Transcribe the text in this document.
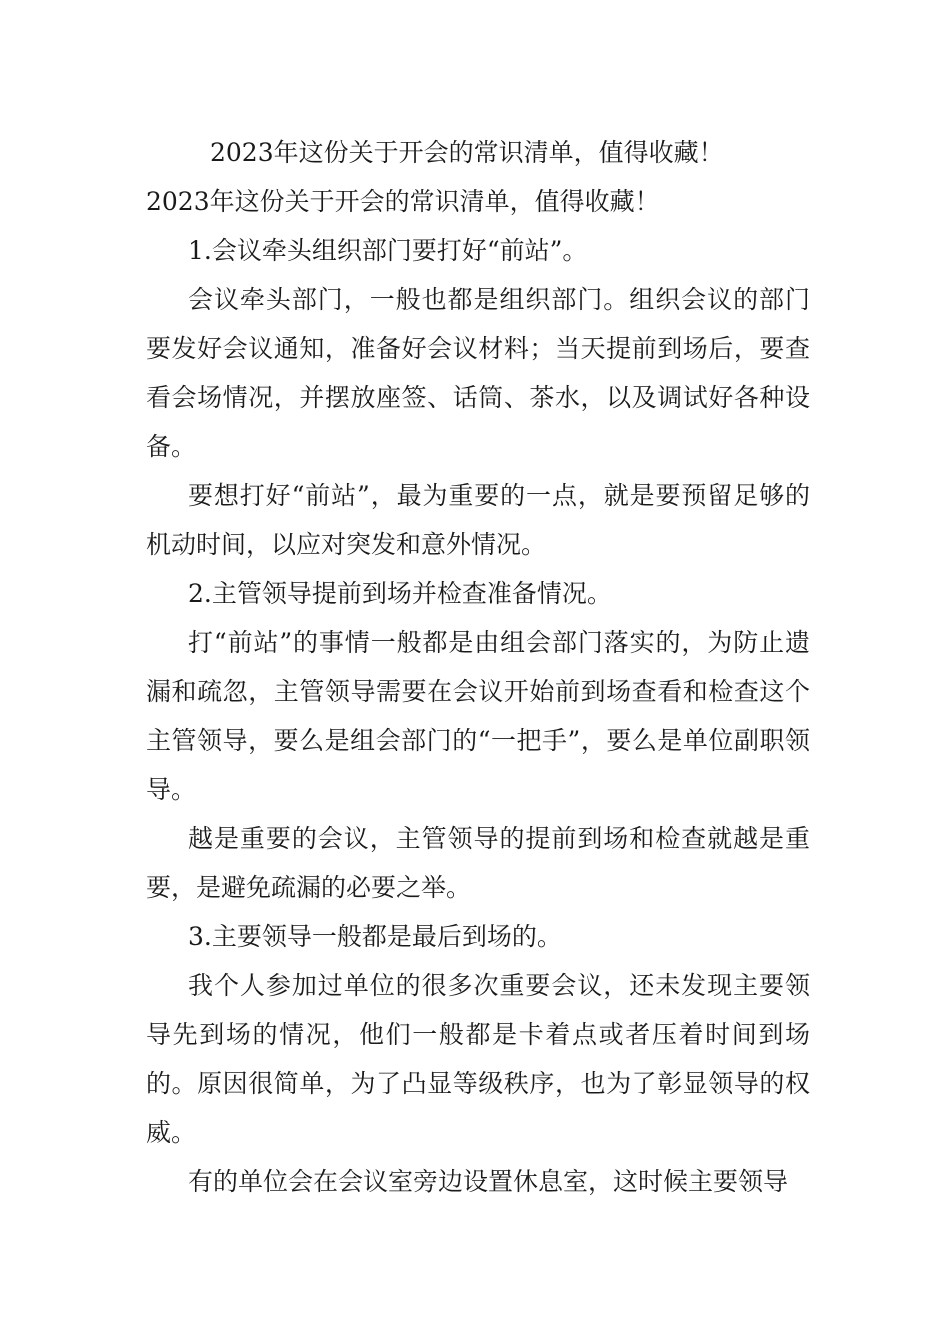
2023年这份关于开会的常识清单，值得收藏！

2023年这份关于开会的常识清单，值得收藏！

1.会议牵头组织部门要打好“前站”。

会议牵头部门，一般也都是组织部门。组织会议的部门要发好会议通知，准备好会议材料；当天提前到场后，要查看会场情况，并摆放座签、话筒、茶水，以及调试好各种设备。

要想打好“前站”，最为重要的一点，就是要预留足够的机动时间，以应对突发和意外情况。

2.主管领导提前到场并检查准备情况。

打“前站”的事情一般都是由组会部门落实的，为防止遗漏和疏忽，主管领导需要在会议开始前到场查看和检查这个主管领导，要么是组会部门的“一把手”，要么是单位副职领导。

越是重要的会议，主管领导的提前到场和检查就越是重要，是避免疏漏的必要之举。

3.主要领导一般都是最后到场的。

我个人参加过单位的很多次重要会议，还未发现主要领导先到场的情况，他们一般都是卡着点或者压着时间到场的。原因很简单，为了凸显等级秩序，也为了彰显领导的权威。

有的单位会在会议室旁边设置休息室，这时候主要领导
